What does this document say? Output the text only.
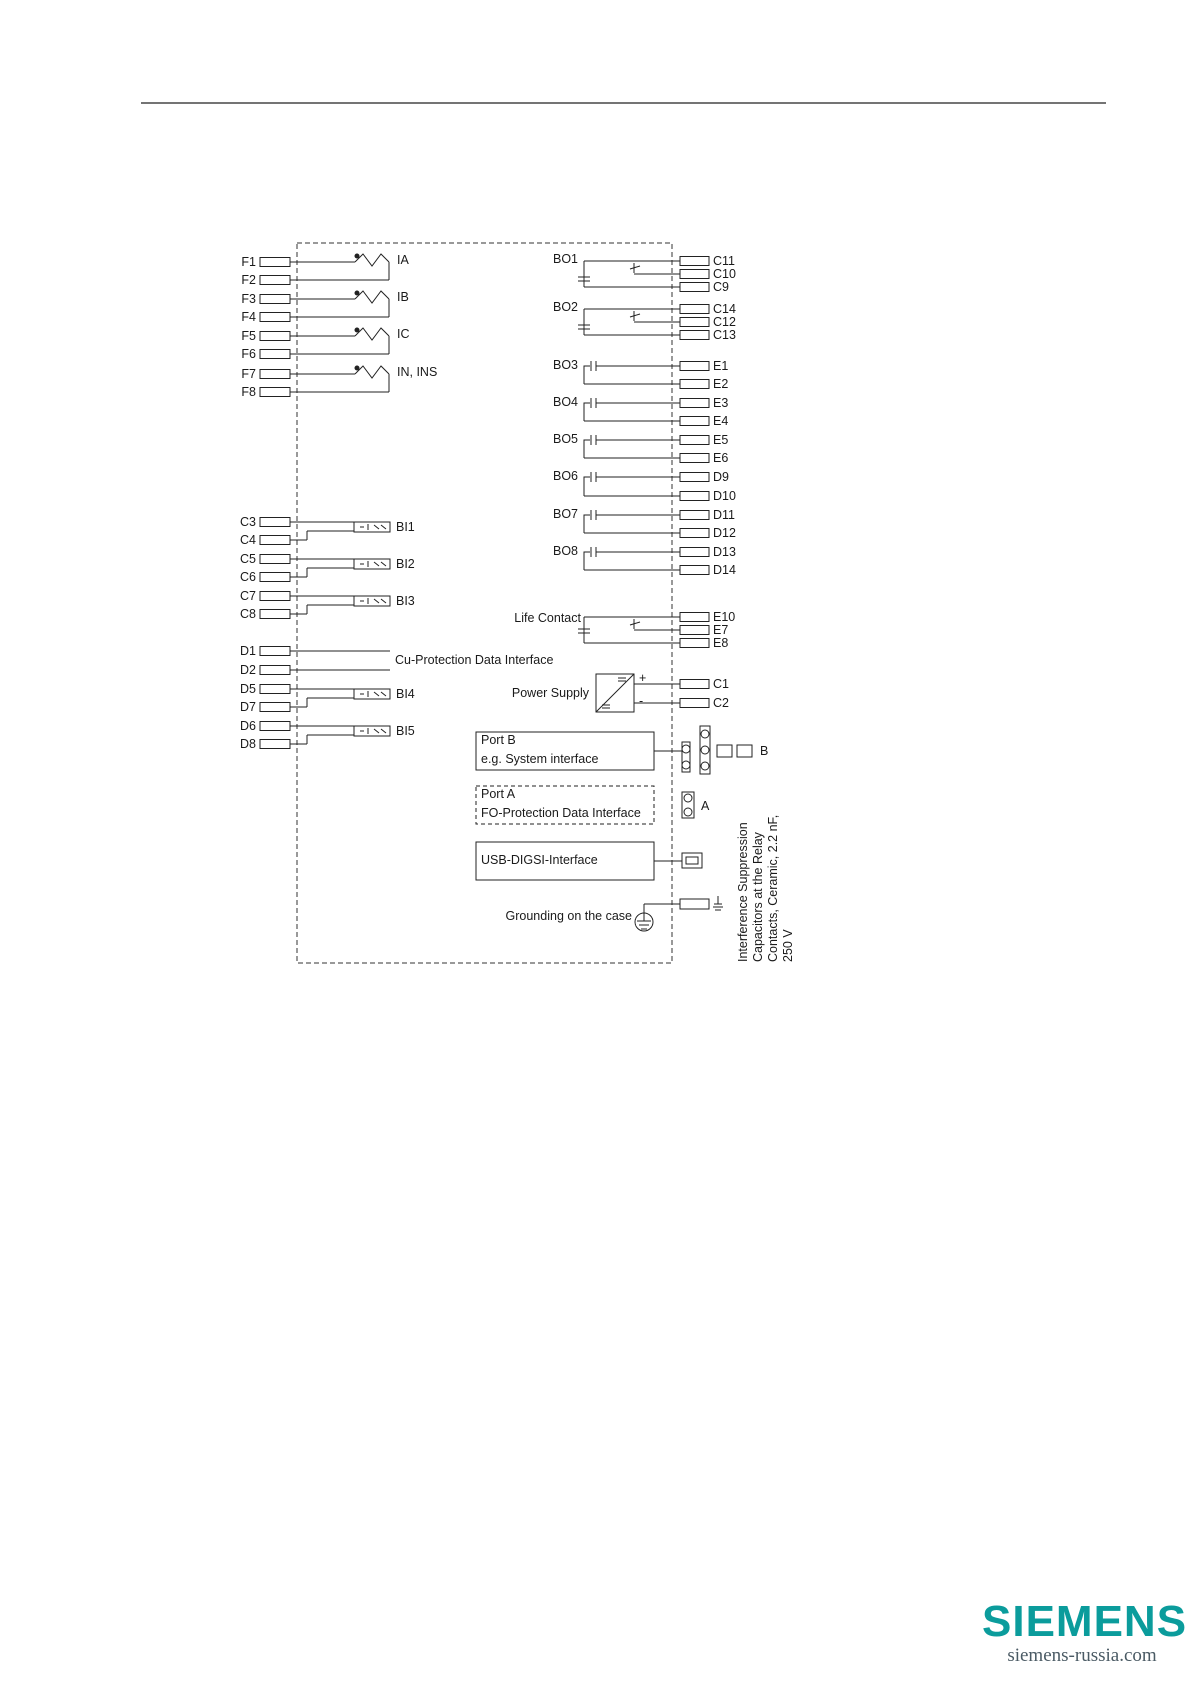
F1
F2
F3
F4
F5
F6
F7
F8
C3
C4
C5
C6
C7
C8
D1
D2
D5
D7
D6
D8
IA
IB
IC
IN, INS
BI1
BI2
BI3
BI4
BI5
Cu-Protection Data Interface
BO1	C11
C10
C9
BO2	C14
C12
C13
BO3	E1
E2
BO4	E3
E4
BO5	E5
E6
BO6	D9
D10
BO7	D11
D12
BO8	D13
D14
Life Contact	E10
E7
E8
Power Supply
+
-
C1
C2
Port B
e.g. System interface
B
Port A
FO-Protection Data Interface	A
USB-DIGSI-Interface
Grounding on the case	Interference Suppression Capacitors at the Relay Contacts, Ceramic, 2.2 nF, 250 V
SIEMENS
siemens-russia.com
